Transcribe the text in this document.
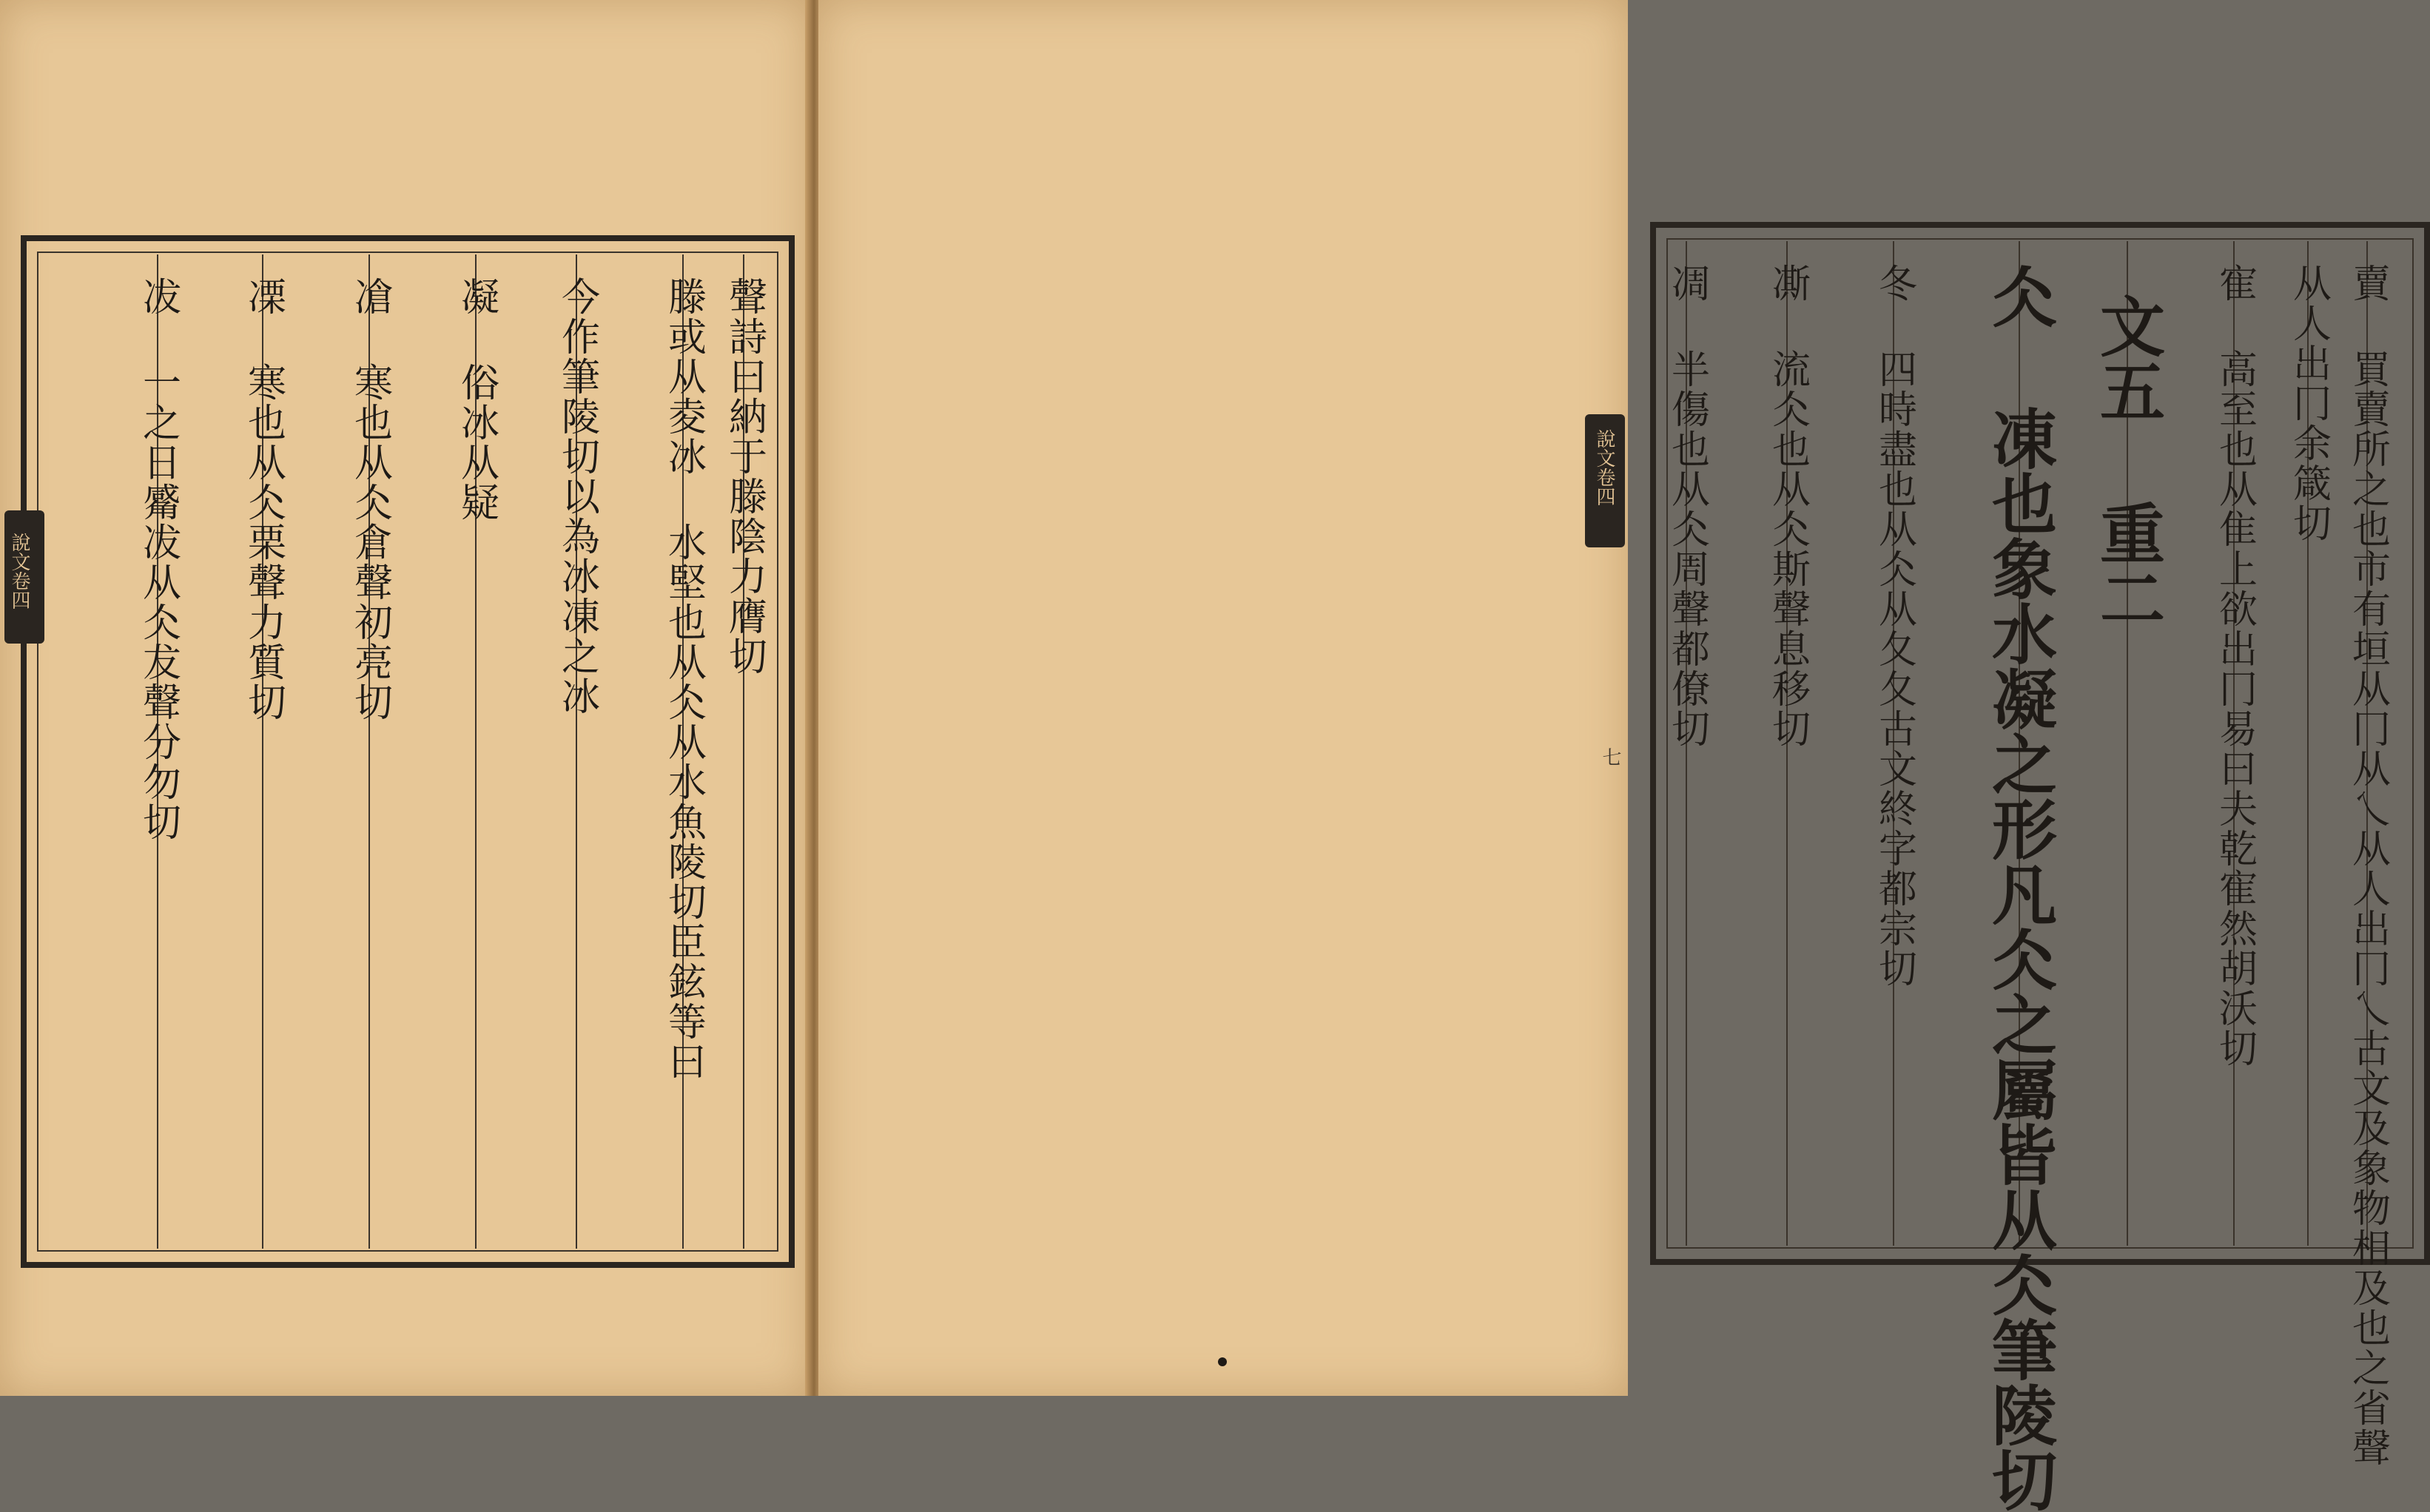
聲詩曰納于滕陰力膺切
滕或从夌冰 水堅也从仌从水魚陵切臣鉉等曰
今作筆陵切以為冰凍之冰
凝 俗冰从疑
凔 寒也从仌倉聲初亮切
凓 寒也从仌栗聲力質切
冹 一之日觱冹从仌犮聲分勿切
說文卷四	賣 買賣所之也市有垣从冂从乀从人出冂乀古文及象物相及也之省聲
从人出冂余箴切
寉 高至也从隹上欲出冂易曰夫乾寉然胡沃切
文五 重二
仌 凍也象水凝之形凡仌之屬皆从仌筆陵切
冬 四時盡也从仌从夂夂古文終字都宗切
凘 流仌也从仌斯聲息移切
凋 半傷也从仌周聲都僚切
說文卷四
七
